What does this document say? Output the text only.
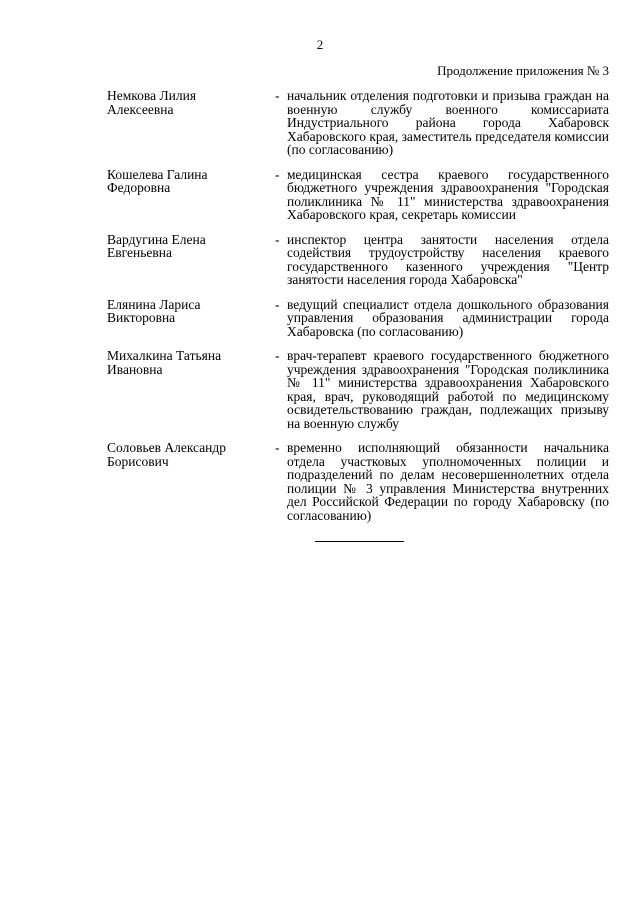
2
Продолжение приложения № 3
Немкова Лилия
Алексеевна
- начальник отделения подготовки и призыва граждан на военную службу военного комиссариата Индустриального района города Хабаровск Хабаровского края, заместитель председателя комиссии (по согласованию)
Кошелева Галина
Федоровна
- медицинская сестра краевого государственного бюджетного учреждения здравоохранения "Городская поликлиника № 11" министерства здравоохранения Хабаровского края, секретарь комиссии
Вардугина Елена
Евгеньевна
- инспектор центра занятости населения отдела содействия трудоустройству населения краевого государственного казенного учреждения "Центр занятости населения города Хабаровска"
Елянина Лариса
Викторовна
- ведущий специалист отдела дошкольного образования управления образования администрации города Хабаровска (по согласованию)
Михалкина Татьяна
Ивановна
- врач-терапевт краевого государственного бюджетного учреждения здравоохранения "Городская поликлиника № 11" министерства здравоохранения Хабаровского края, врач, руководящий работой по медицинскому освидетельствованию граждан, подлежащих призыву на военную службу
Соловьев Александр
Борисович
- временно исполняющий обязанности начальника отдела участковых уполномоченных полиции и подразделений по делам несовершеннолетних отдела полиции № 3 управления Министерства внутренних дел Российской Федерации по городу Хабаровску (по согласованию)
